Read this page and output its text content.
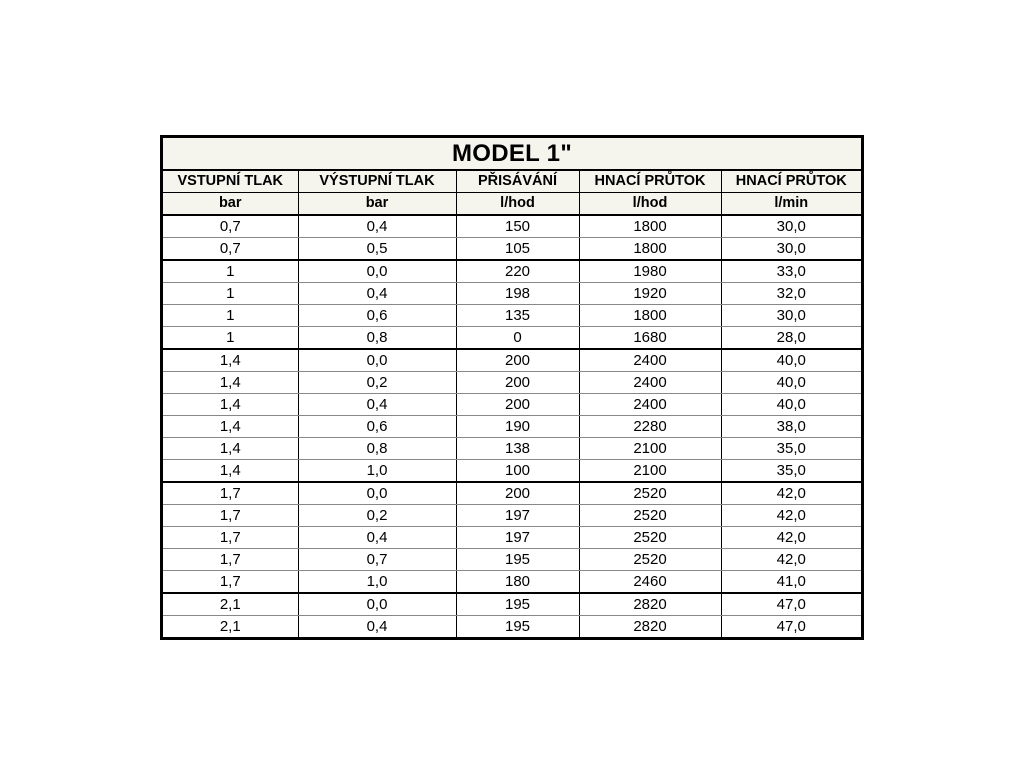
MODEL 1"
VSTUPNÍ TLAK	VÝSTUPNÍ TLAK	PŘISÁVÁNÍ	HNACÍ PRŮTOK	HNACÍ PRŮTOK
bar	bar	l/hod	l/hod	l/min
0,7	0,4	150	1800	30,0
0,7	0,5	105	1800	30,0
1	0,0	220	1980	33,0
1	0,4	198	1920	32,0
1	0,6	135	1800	30,0
1	0,8	0	1680	28,0
1,4	0,0	200	2400	40,0
1,4	0,2	200	2400	40,0
1,4	0,4	200	2400	40,0
1,4	0,6	190	2280	38,0
1,4	0,8	138	2100	35,0
1,4	1,0	100	2100	35,0
1,7	0,0	200	2520	42,0
1,7	0,2	197	2520	42,0
1,7	0,4	197	2520	42,0
1,7	0,7	195	2520	42,0
1,7	1,0	180	2460	41,0
2,1	0,0	195	2820	47,0
2,1	0,4	195	2820	47,0
